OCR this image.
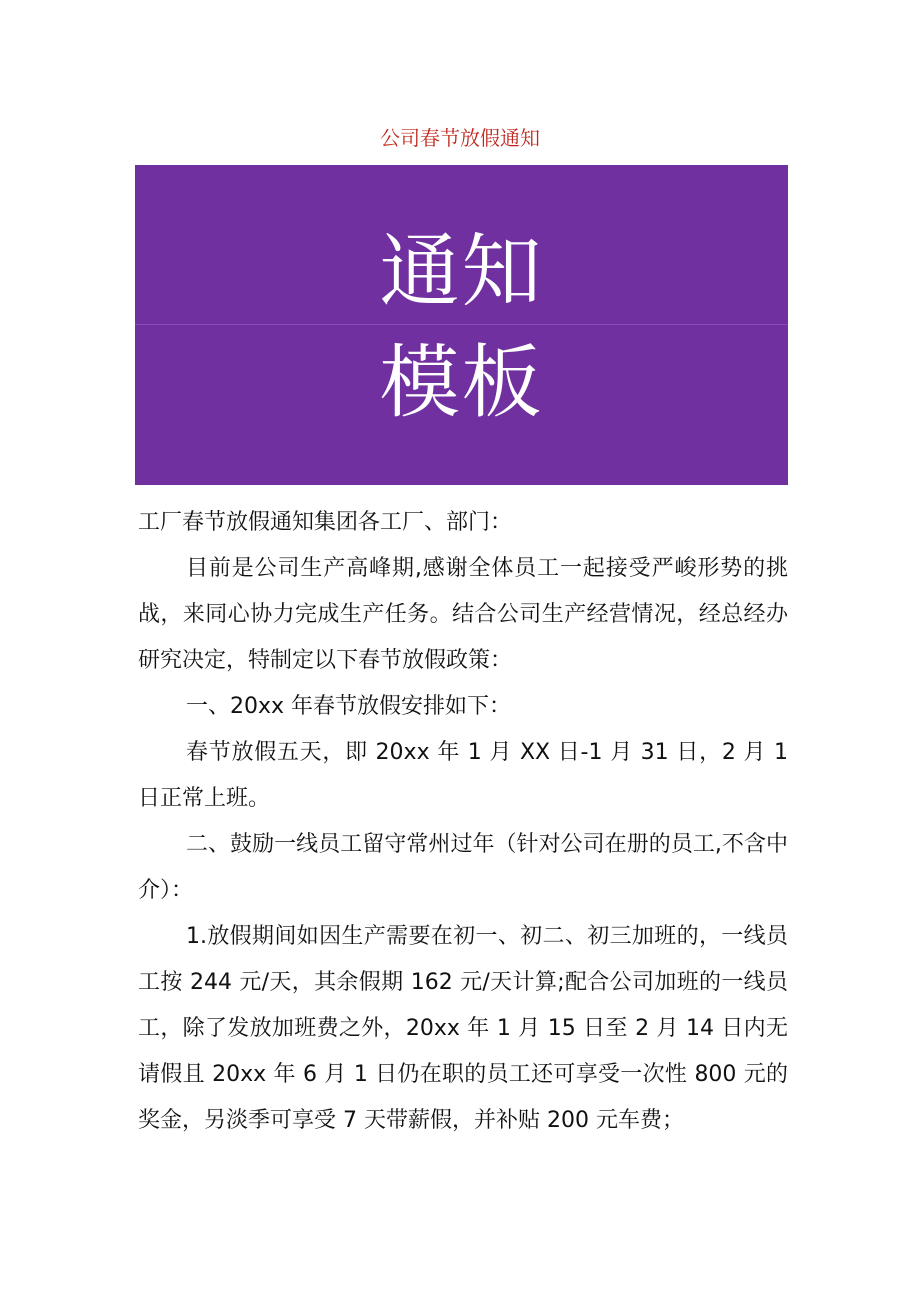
公司春节放假通知
通知
模板

工厂春节放假通知集团各工厂、部门：

目前是公司生产高峰期,感谢全体员工一起接受严峻形势的挑战，来同心协力完成生产任务。结合公司生产经营情况，经总经办研究决定，特制定以下春节放假政策：

一、20xx 年春节放假安排如下：

春节放假五天，即 20xx 年 1 月 XX 日-1 月 31 日，2 月 1 日正常上班。

二、鼓励一线员工留守常州过年（针对公司在册的员工,不含中介）：

1.放假期间如因生产需要在初一、初二、初三加班的，一线员工按 244 元/天，其余假期 162 元/天计算;配合公司加班的一线员工，除了发放加班费之外，20xx 年 1 月 15 日至 2 月 14 日内无请假且 20xx 年 6 月 1 日仍在职的员工还可享受一次性 800 元的奖金，另淡季可享受 7 天带薪假，并补贴 200 元车费；
